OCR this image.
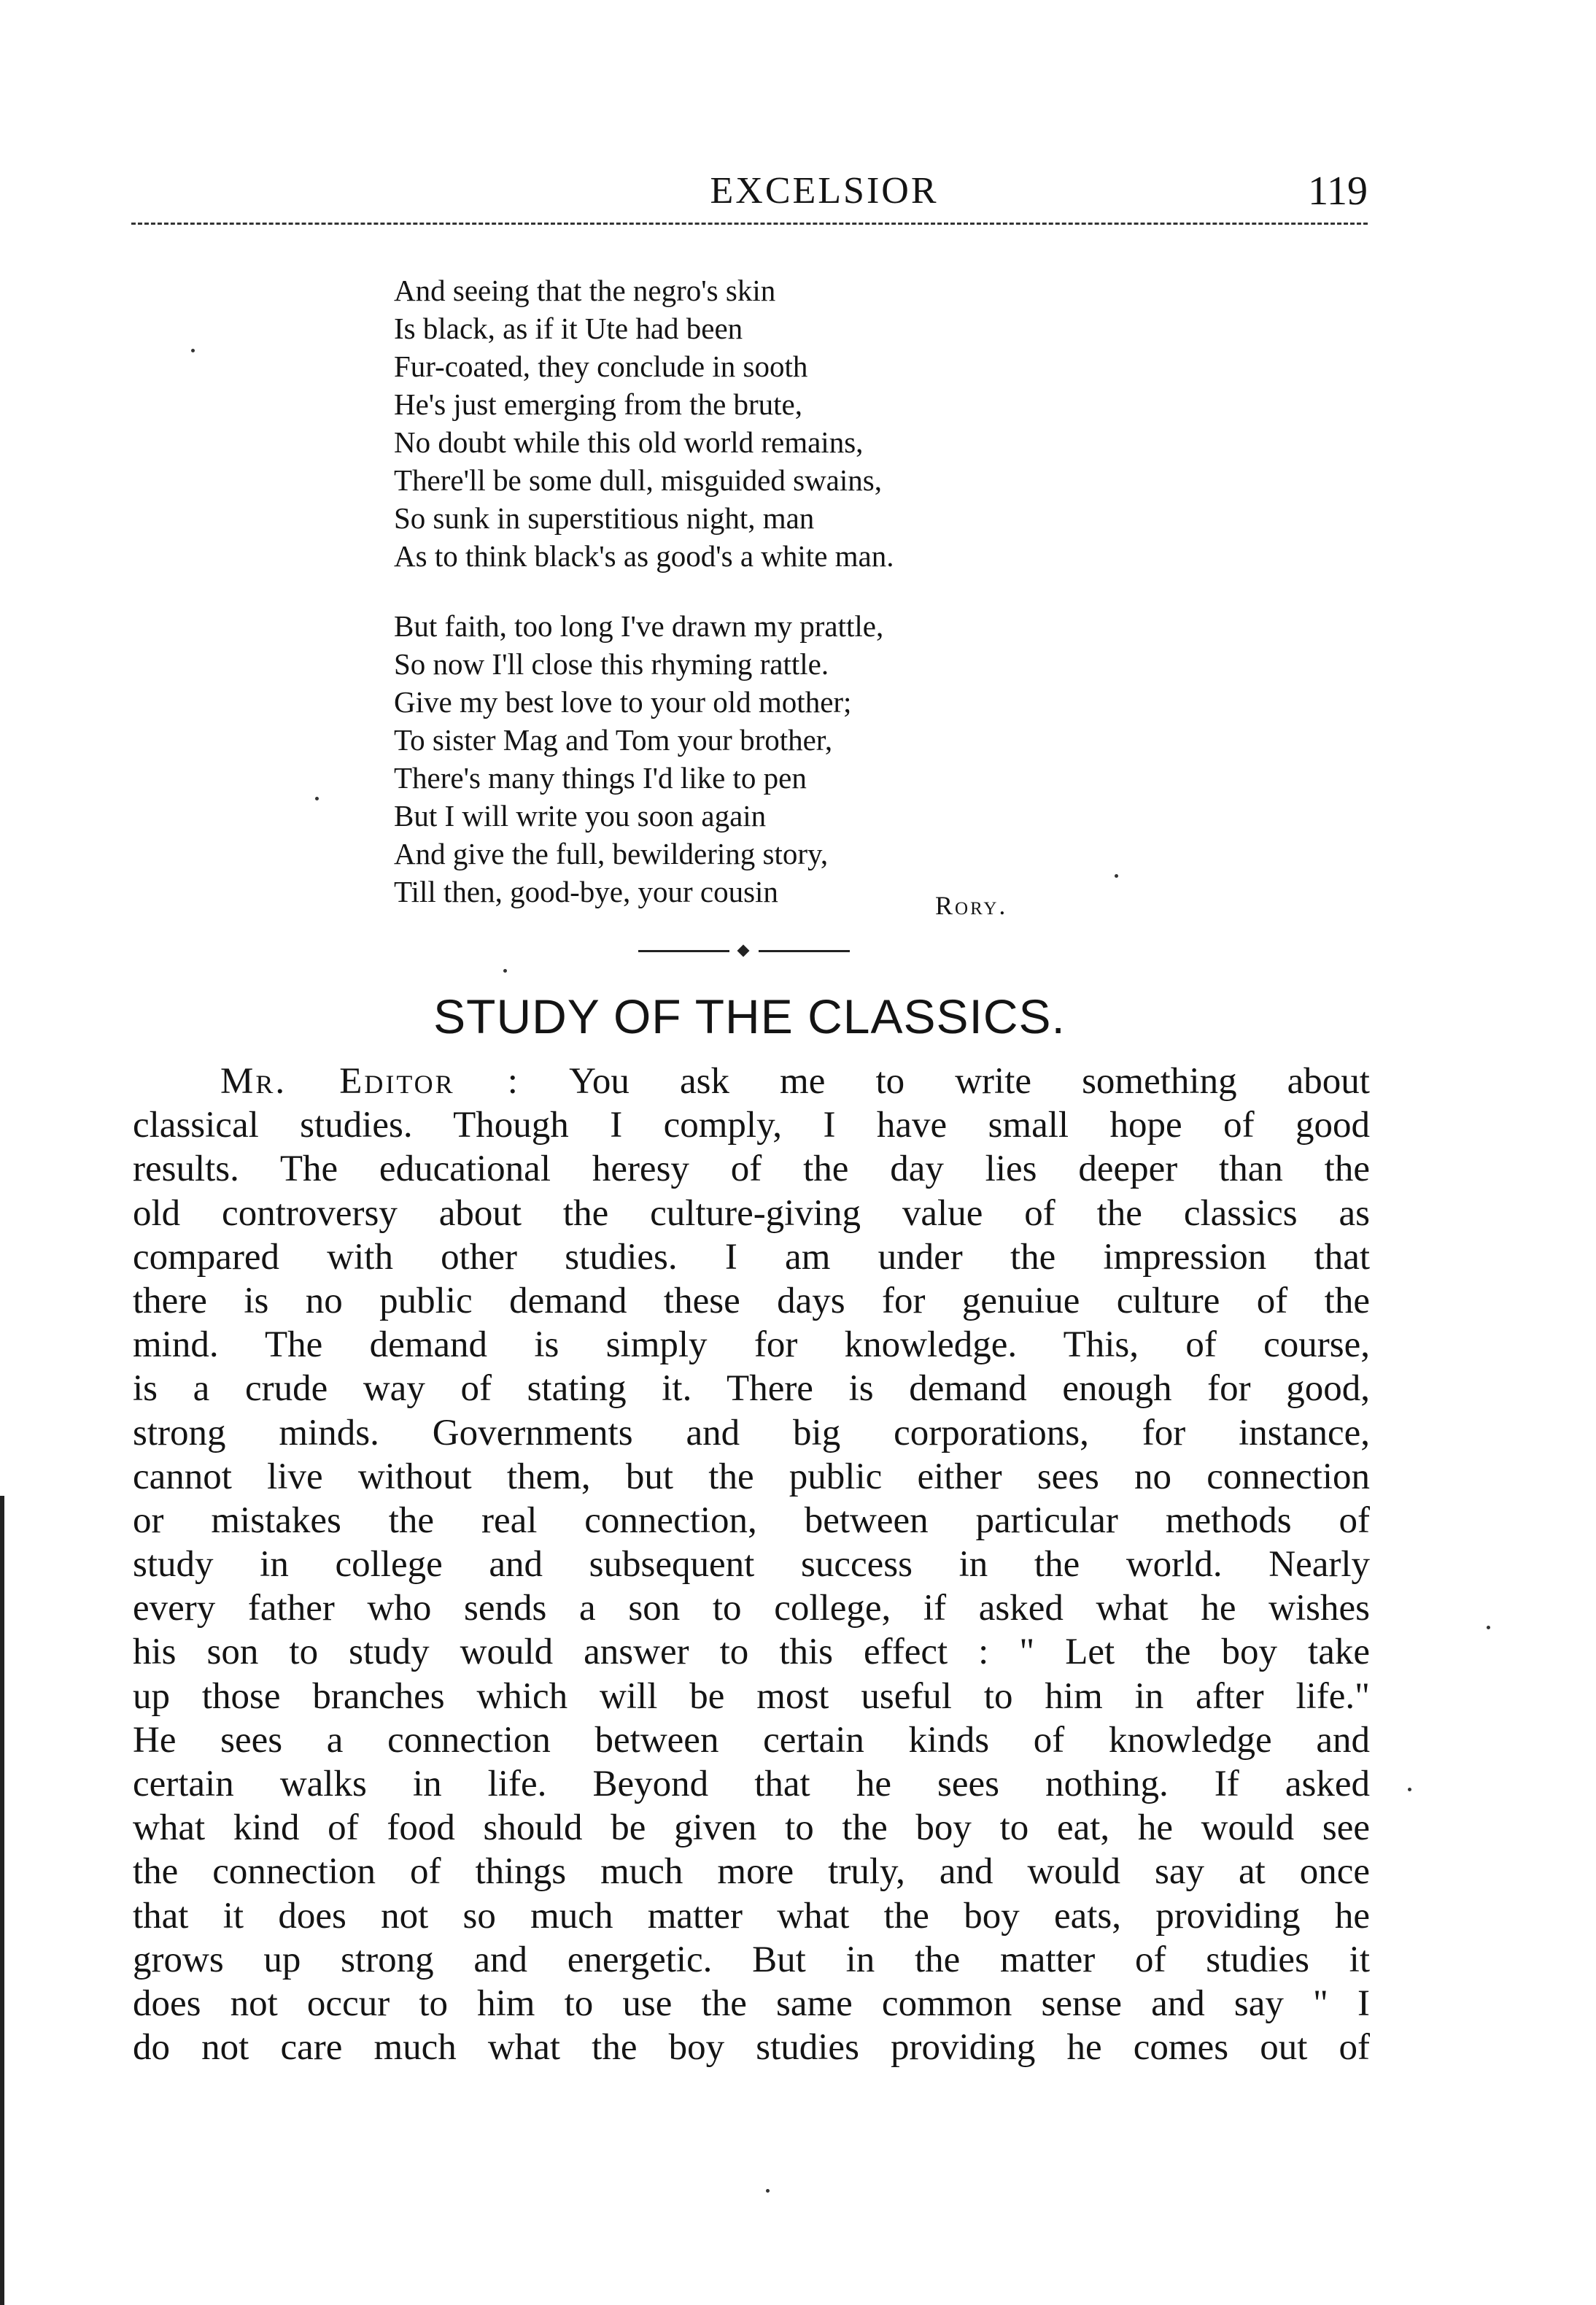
EXCELSIOR	119
And seeing that the negro's skin
Is black, as if it Ute had been
Fur-coated, they conclude in sooth
He's just emerging from the brute,
No doubt while this old world remains,
There'll be some dull, misguided swains,
So sunk in superstitious night, man
As to think black's as good's a white man.
But faith, too long I've drawn my prattle,
So now I'll close this rhyming rattle.
Give my best love to your old mother;
To sister Mag and Tom your brother,
There's many things I'd like to pen
But I will write you soon again
And give the full, bewildering story,
Till then, good-bye, your cousin	Rory.
STUDY OF THE CLASSICS.
Mr. Editor : You ask me to write something about
classical studies. Though I comply, I have small hope of good
results. The educational heresy of the day lies deeper than the
old controversy about the culture-giving value of the classics as
compared with other studies. I am under the impression that
there is no public demand these days for genuiue culture of the
mind. The demand is simply for knowledge. This, of course,
is a crude way of stating it. There is demand enough for good,
strong minds. Governments and big corporations, for instance,
cannot live without them, but the public either sees no connection
or mistakes the real connection, between particular methods of
study in college and subsequent success in the world. Nearly
every father who sends a son to college, if asked what he wishes
his son to study would answer to this effect : " Let the boy take
up those branches which will be most useful to him in after life."
He sees a connection between certain kinds of knowledge and
certain walks in life. Beyond that he sees nothing. If asked
what kind of food should be given to the boy to eat, he would see
the connection of things much more truly, and would say at once
that it does not so much matter what the boy eats, providing he
grows up strong and energetic. But in the matter of studies it
does not occur to him to use the same common sense and say " I
do not care much what the boy studies providing he comes out of
